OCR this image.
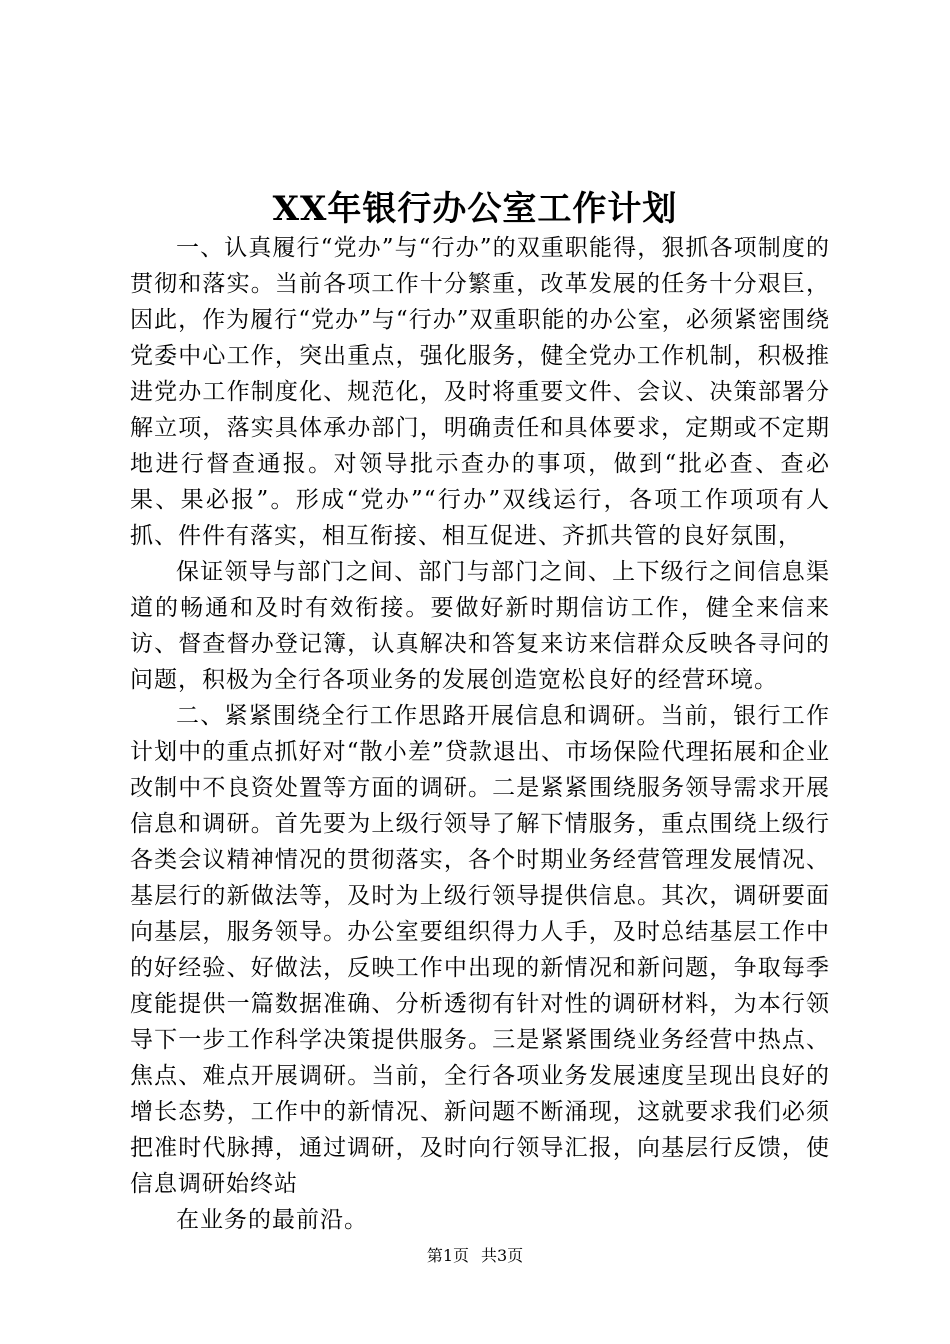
XX年银行办公室工作计划

一、认真履行“党办”与“行办”的双重职能得，狠抓各项制度的贯彻和落实。当前各项工作十分繁重，改革发展的任务十分艰巨，因此，作为履行“党办”与“行办”双重职能的办公室，必须紧密围绕党委中心工作，突出重点，强化服务，健全党办工作机制，积极推进党办工作制度化、规范化，及时将重要文件、会议、决策部署分解立项，落实具体承办部门，明确责任和具体要求，定期或不定期地进行督查通报。对领导批示查办的事项，做到“批必查、查必果、果必报”。形成“党办”“行办”双线运行，各项工作项项有人抓、件件有落实，相互衔接、相互促进、齐抓共管的良好氛围，

保证领导与部门之间、部门与部门之间、上下级行之间信息渠道的畅通和及时有效衔接。要做好新时期信访工作，健全来信来访、督查督办登记簿，认真解决和答复来访来信群众反映各寻问的问题，积极为全行各项业务的发展创造宽松良好的经营环境。

二、紧紧围绕全行工作思路开展信息和调研。当前，银行工作计划中的重点抓好对“散小差”贷款退出、市场保险代理拓展和企业改制中不良资处置等方面的调研。二是紧紧围绕服务领导需求开展信息和调研。首先要为上级行领导了解下情服务，重点围绕上级行各类会议精神情况的贯彻落实，各个时期业务经营管理发展情况、基层行的新做法等，及时为上级行领导提供信息。其次，调研要面向基层，服务领导。办公室要组织得力人手，及时总结基层工作中的好经验、好做法，反映工作中出现的新情况和新问题，争取每季度能提供一篇数据准确、分析透彻有针对性的调研材料，为本行领导下一步工作科学决策提供服务。三是紧紧围绕业务经营中热点、焦点、难点开展调研。当前，全行各项业务发展速度呈现出良好的增长态势，工作中的新情况、新问题不断涌现，这就要求我们必须把准时代脉搏，通过调研，及时向行领导汇报，向基层行反馈，使信息调研始终站

在业务的最前沿。

第1页 共3页
